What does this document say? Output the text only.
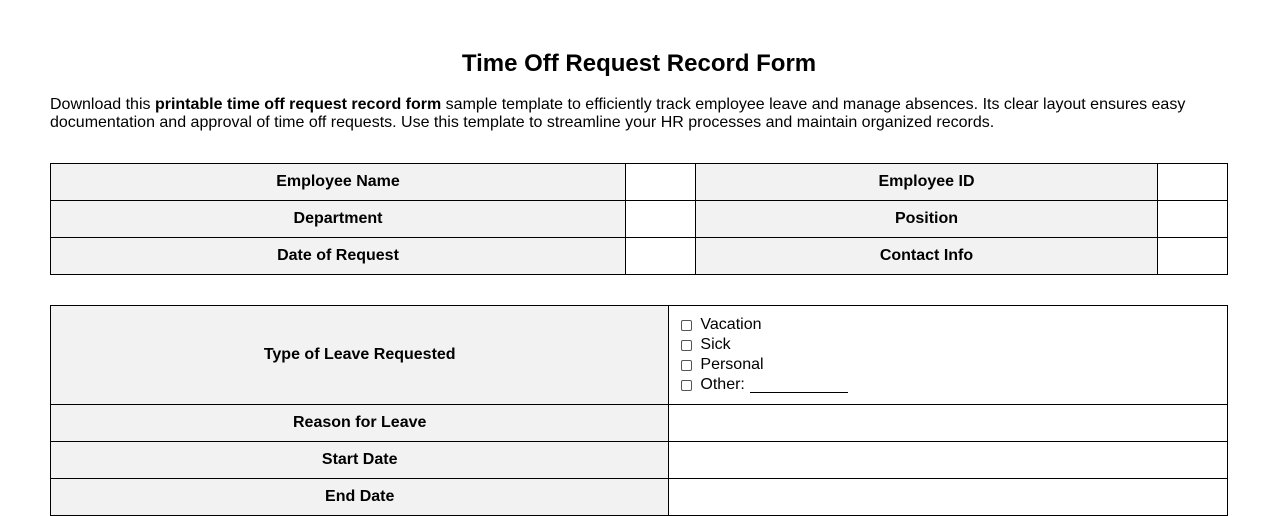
Time Off Request Record Form

Download this printable time off request record form sample template to efficiently track employee leave and manage absences. Its clear layout ensures easy documentation and approval of time off requests. Use this template to streamline your HR processes and maintain organized records.

Employee Name		Employee ID	
Department		Position	
Date of Request		Contact Info	
Type of Leave Requested	Vacation
Sick
Personal
Other:

Reason for Leave	
Start Date	
End Date	
